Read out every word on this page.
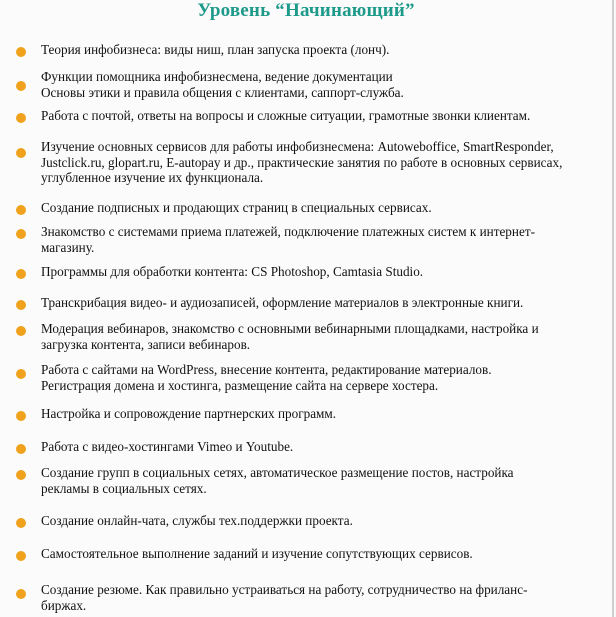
Уровень “Начинающий”
Теория инфобизнеса: виды ниш, план запуска проекта (лонч).
Функции помощника инфобизнесмена, ведение документации
Основы этики и правила общения с клиентами, саппорт-служба.
Работа с почтой, ответы на вопросы и сложные ситуации, грамотные звонки клиентам.
Изучение основных сервисов для работы инфобизнесмена: Autoweboffice, SmartResponder,
Justclick.ru, glopart.ru, E-autopay и др., практические занятия по работе в основных сервисах,
углубленное изучение их функционала.
Создание подписных и продающих страниц в специальных сервисах.
Знакомство с системами приема платежей, подключение платежных систем к интернет-
магазину.
Программы для обработки контента: CS Photoshop, Camtasia Studio.
Транскрибация видео- и аудиозаписей, оформление материалов в электронные книги.
Модерация вебинаров, знакомство с основными вебинарными площадками, настройка и
загрузка контента, записи вебинаров.
Работа с сайтами на WordPress, внесение контента, редактирование материалов.
Регистрация домена и хостинга, размещение сайта на сервере хостера.
Настройка и сопровождение партнерских программ.
Работа с видео-хостингами Vimeo и Youtube.
Создание групп в социальных сетях, автоматическое размещение постов, настройка
рекламы в социальных сетях.
Создание онлайн-чата, службы тех.поддержки проекта.
Самостоятельное выполнение заданий и изучение сопутствующих сервисов.
Создание резюме. Как правильно устраиваться на работу, сотрудничество на фриланс-
биржах.
